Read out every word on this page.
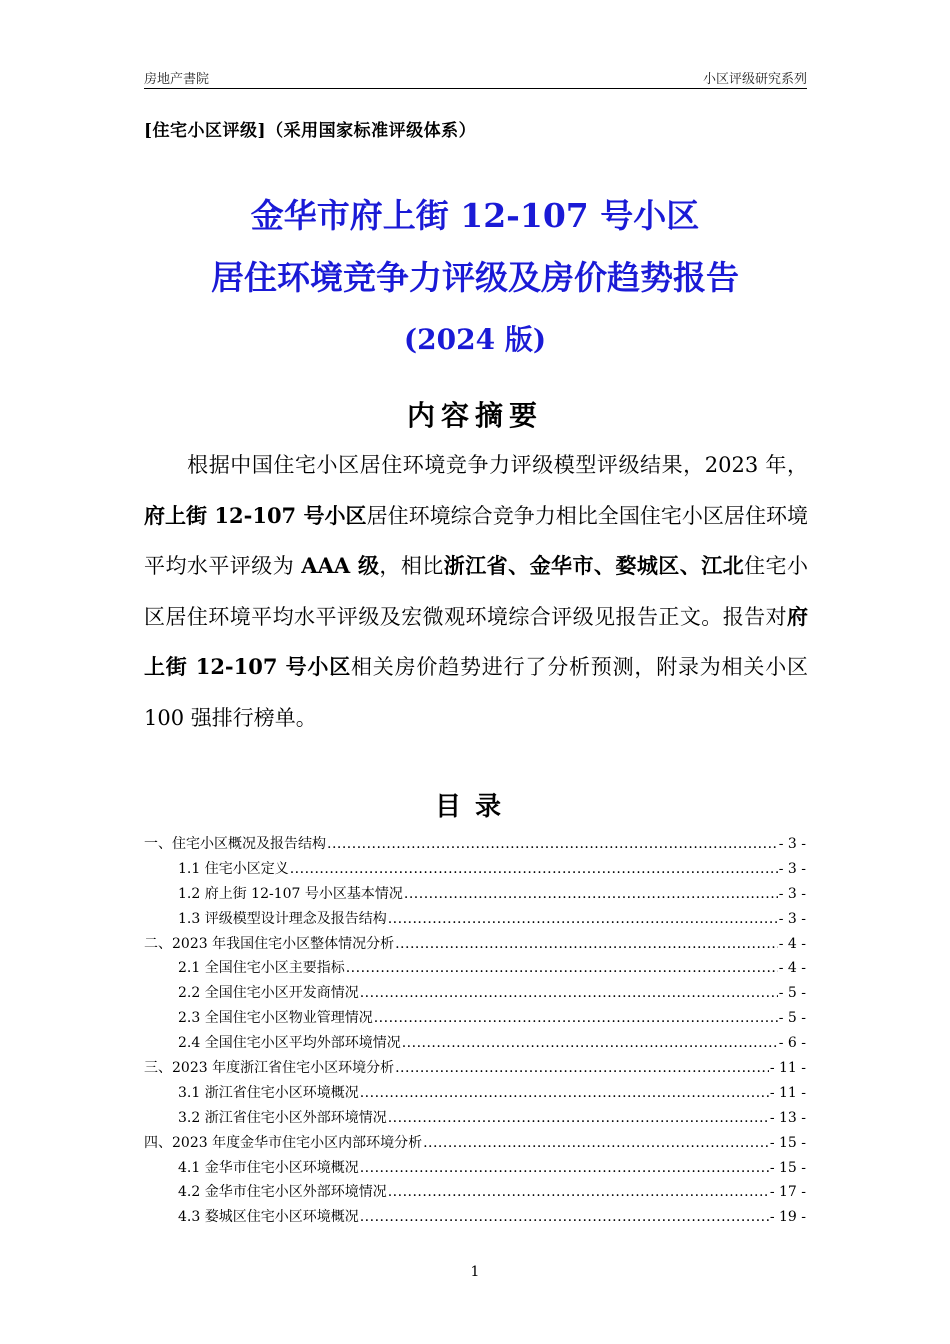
房地产書院	小区评级研究系列
[住宅小区评级]（采用国家标准评级体系）
金华市府上街 12-107 号小区
居住环境竞争力评级及房价趋势报告
(2024 版)
内容摘要
　　根据中国住宅小区居住环境竞争力评级模型评级结果，2023 年，府上街 12-107 号小区居住环境综合竞争力相比全国住宅小区居住环境平均水平评级为 AAA 级，相比浙江省、金华市、婺城区、江北住宅小区居住环境平均水平评级及宏微观环境综合评级见报告正文。报告对府上街 12-107 号小区相关房价趋势进行了分析预测，附录为相关小区 100 强排行榜单。
目录
一、住宅小区概况及报告结构 .....	- 3 -
1.1 住宅小区定义 .....	- 3 -
1.2 府上街 12-107 号小区基本情况 .....	- 3 -
1.3 评级模型设计理念及报告结构 .....	- 3 -
二、2023 年我国住宅小区整体情况分析 .....	- 4 -
2.1 全国住宅小区主要指标 .....	- 4 -
2.2 全国住宅小区开发商情况 .....	- 5 -
2.3 全国住宅小区物业管理情况 .....	- 5 -
2.4 全国住宅小区平均外部环境情况 .....	- 6 -
三、2023 年度浙江省住宅小区环境分析 .....	- 11 -
3.1 浙江省住宅小区环境概况 .....	- 11 -
3.2 浙江省住宅小区外部环境情况 .....	- 13 -
四、2023 年度金华市住宅小区内部环境分析 .....	- 15 -
4.1 金华市住宅小区环境概况 .....	- 15 -
4.2 金华市住宅小区外部环境情况 .....	- 17 -
4.3 婺城区住宅小区环境概况 .....	- 19 -
1
